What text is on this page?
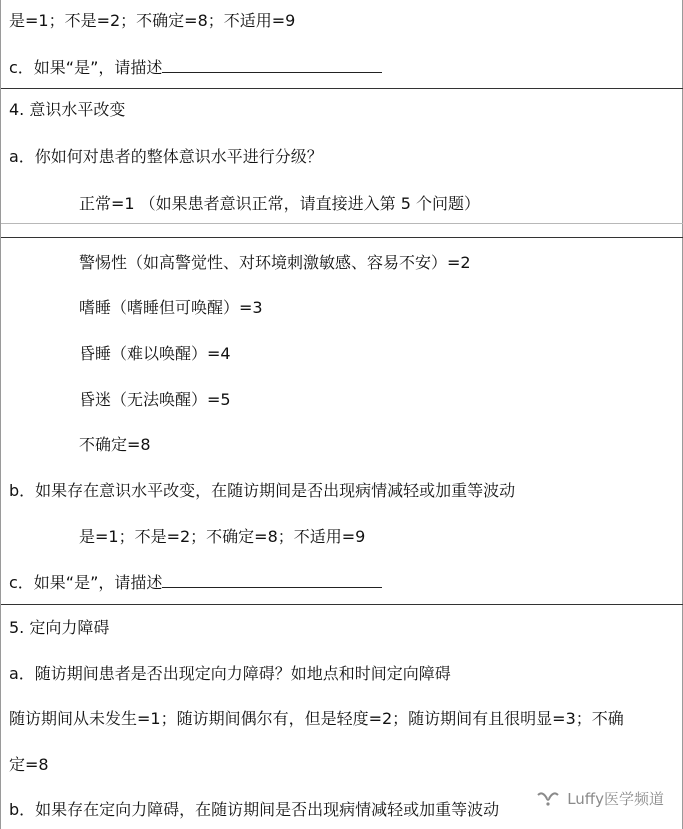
是=1；不是=2；不确定=8；不适用=9
c．如果“是”，请描述
4. 意识水平改变
a．你如何对患者的整体意识水平进行分级？
正常=1 （如果患者意识正常，请直接进入第 5 个问题）
警惕性（如高警觉性、对环境刺激敏感、容易不安）=2
嗜睡（嗜睡但可唤醒）=3
昏睡（难以唤醒）=4
昏迷（无法唤醒）=5
不确定=8
b．如果存在意识水平改变，在随访期间是否出现病情减轻或加重等波动
是=1；不是=2；不确定=8；不适用=9
c．如果“是”，请描述
5. 定向力障碍
a．随访期间患者是否出现定向力障碍？如地点和时间定向障碍
随访期间从未发生=1；随访期间偶尔有，但是轻度=2；随访期间有且很明显=3；不确
定=8
b．如果存在定向力障碍，在随访期间是否出现病情减轻或加重等波动
Luffy医学频道
